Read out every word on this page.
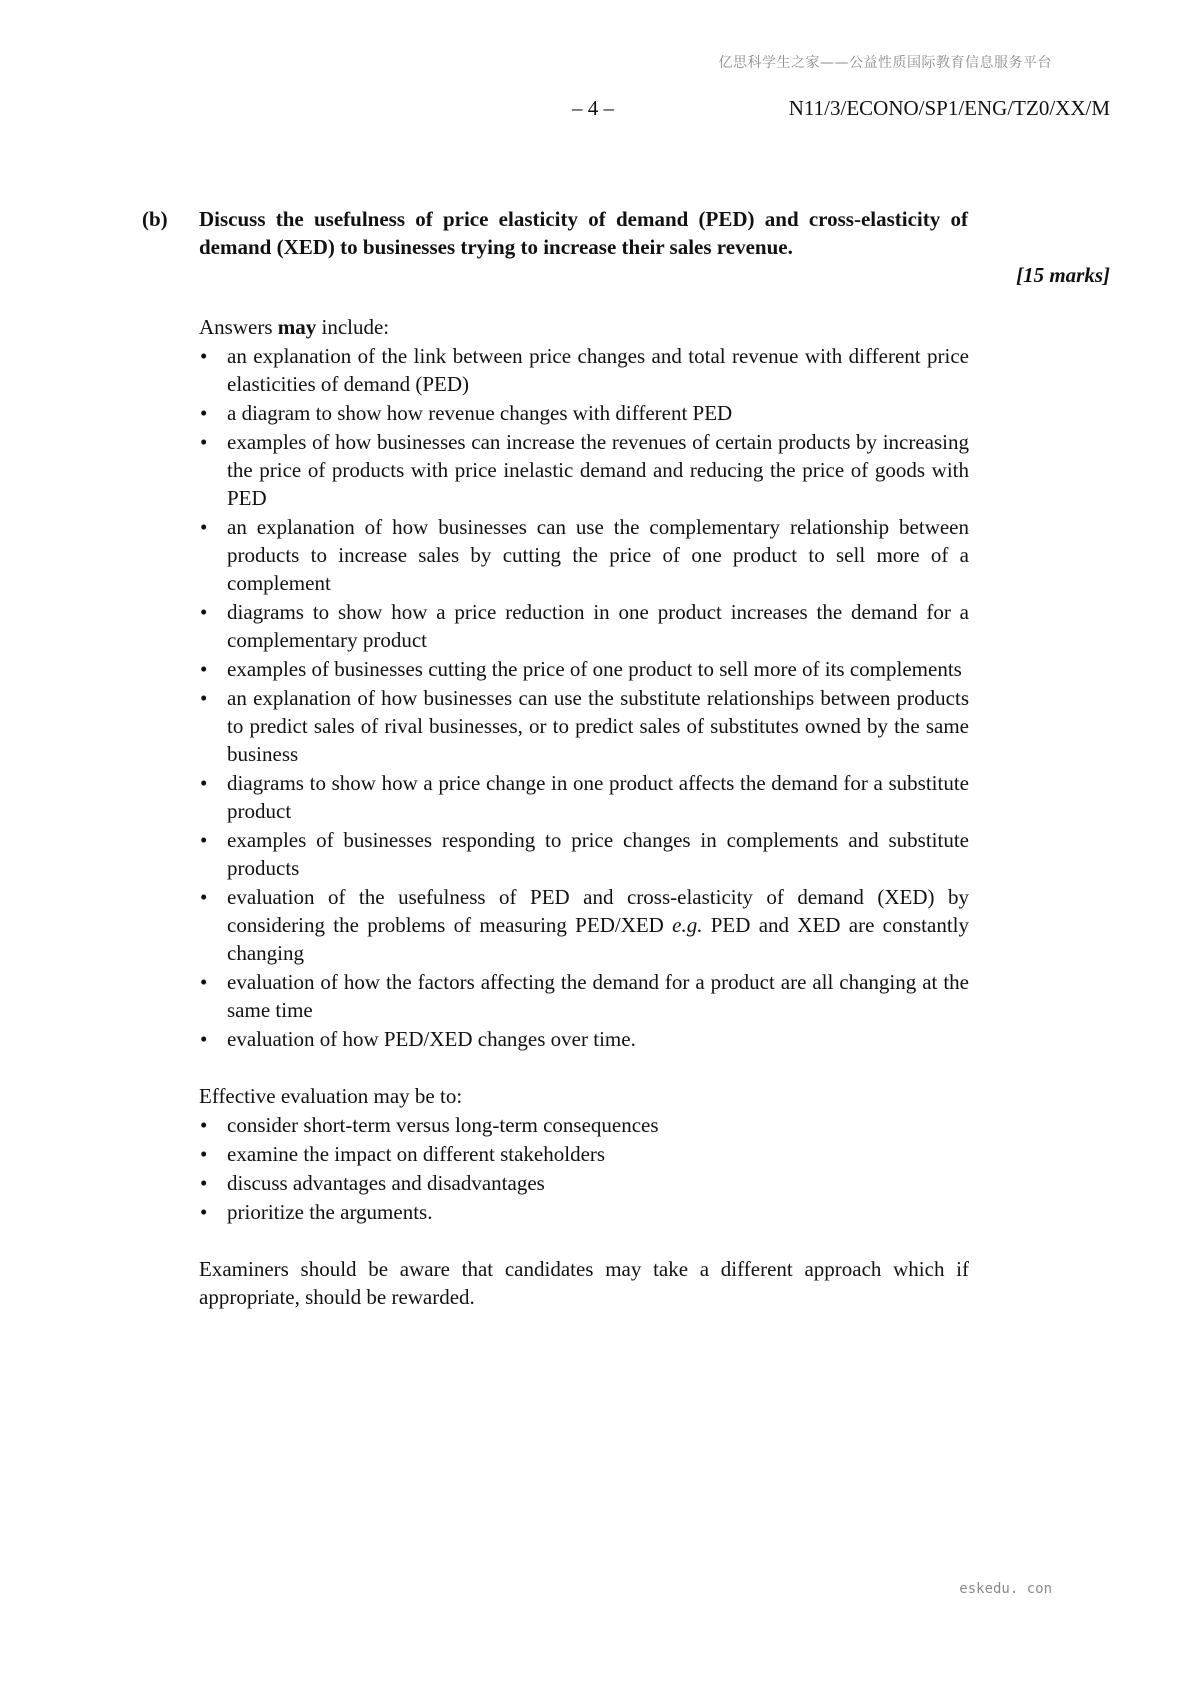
亿思科学生之家——公益性质国际教育信息服务平台
– 4 –	N11/3/ECONO/SP1/ENG/TZ0/XX/M
(b) Discuss the usefulness of price elasticity of demand (PED) and cross-elasticity of demand (XED) to businesses trying to increase their sales revenue.
[15 marks]

Answers may include:

• an explanation of the link between price changes and total revenue with different price elasticities of demand (PED)
• a diagram to show how revenue changes with different PED
• examples of how businesses can increase the revenues of certain products by increasing the price of products with price inelastic demand and reducing the price of goods with PED
• an explanation of how businesses can use the complementary relationship between products to increase sales by cutting the price of one product to sell more of a complement
• diagrams to show how a price reduction in one product increases the demand for a complementary product
• examples of businesses cutting the price of one product to sell more of its complements
• an explanation of how businesses can use the substitute relationships between products to predict sales of rival businesses, or to predict sales of substitutes owned by the same business
• diagrams to show how a price change in one product affects the demand for a substitute product
• examples of businesses responding to price changes in complements and substitute products
• evaluation of the usefulness of PED and cross-elasticity of demand (XED) by considering the problems of measuring PED/XED e.g. PED and XED are constantly changing
• evaluation of how the factors affecting the demand for a product are all changing at the same time
• evaluation of how PED/XED changes over time.

Effective evaluation may be to:

• consider short-term versus long-term consequences
• examine the impact on different stakeholders
• discuss advantages and disadvantages
• prioritize the arguments.

Examiners should be aware that candidates may take a different approach which if appropriate, should be rewarded.

eskedu. con
